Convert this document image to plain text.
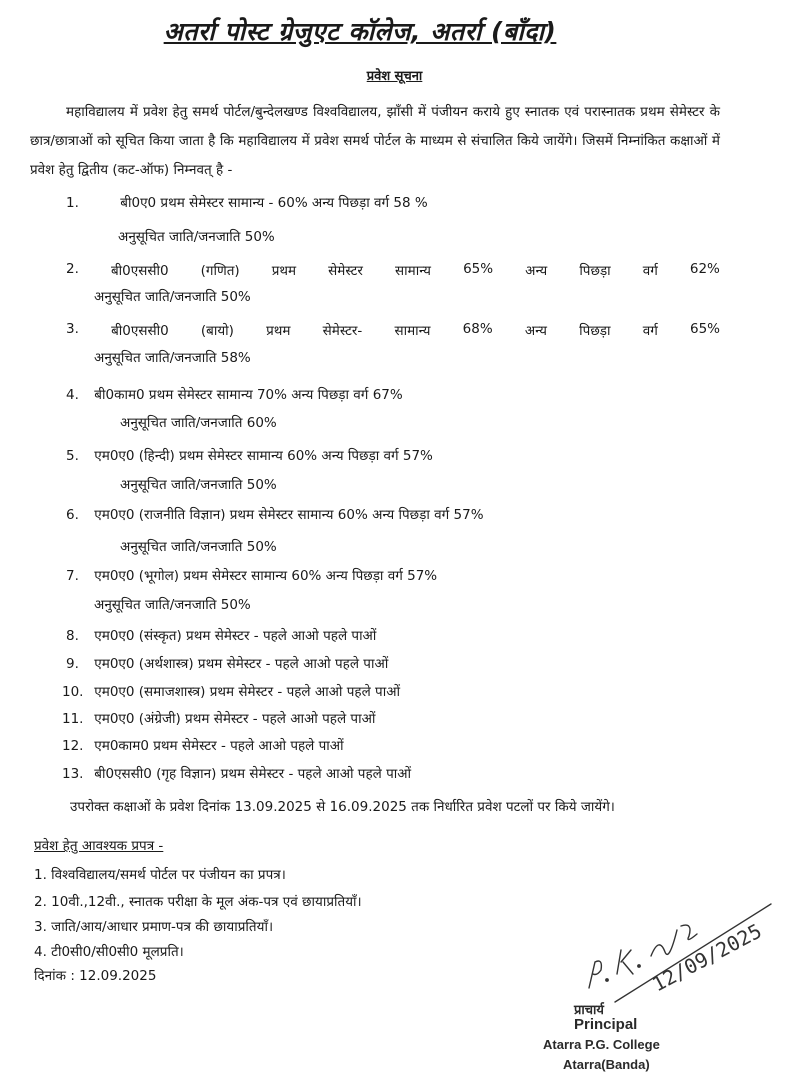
अतर्रा पोस्ट ग्रेजुएट कॉलेज, अतर्रा (बाँदा)
प्रवेश सूचना
महाविद्यालय में प्रवेश हेतु समर्थ पोर्टल/बुन्देलखण्ड विश्वविद्यालय, झाँसी में पंजीयन कराये हुए स्नातक एवं परास्नातक प्रथम सेमेस्टर के छात्र/छात्राओं को सूचित किया जाता है कि महाविद्यालय में प्रवेश समर्थ पोर्टल के माध्यम से संचालित किये जायेंगे। जिसमें निम्नांकित कक्षाओं में प्रवेश हेतु द्वितीय (कट-ऑफ) निम्नवत् है -
1.	बी0ए0 प्रथम सेमेस्टर सामान्य - 60% अन्य पिछड़ा वर्ग 58 %
अनुसूचित जाति/जनजाति 50%
2. बी0एससी0 (गणित) प्रथम सेमेस्टर सामान्य 65% अन्य पिछड़ा वर्ग 62%
अनुसूचित जाति/जनजाति 50%
3. बी0एससी0 (बायो) प्रथम सेमेस्टर- सामान्य 68% अन्य पिछड़ा वर्ग 65%
अनुसूचित जाति/जनजाति 58%
4. बी0काम0 प्रथम सेमेस्टर सामान्य 70% अन्य पिछड़ा वर्ग 67%
अनुसूचित जाति/जनजाति 60%
5. एम0ए0 (हिन्दी) प्रथम सेमेस्टर सामान्य 60% अन्य पिछड़ा वर्ग 57%
अनुसूचित जाति/जनजाति 50%
6. एम0ए0 (राजनीति विज्ञान) प्रथम सेमेस्टर सामान्य 60% अन्य पिछड़ा वर्ग 57%
अनुसूचित जाति/जनजाति 50%
7. एम0ए0 (भूगोल) प्रथम सेमेस्टर सामान्य 60% अन्य पिछड़ा वर्ग 57%
अनुसूचित जाति/जनजाति 50%
8. एम0ए0 (संस्कृत) प्रथम सेमेस्टर - पहले आओ पहले पाओं
9. एम0ए0 (अर्थशास्त्र) प्रथम सेमेस्टर - पहले आओ पहले पाओं
10. एम0ए0 (समाजशास्त्र) प्रथम सेमेस्टर - पहले आओ पहले पाओं
11. एम0ए0 (अंग्रेजी) प्रथम सेमेस्टर - पहले आओ पहले पाओं
12. एम0काम0 प्रथम सेमेस्टर - पहले आओ पहले पाओं
13. बी0एससी0 (गृह विज्ञान) प्रथम सेमेस्टर - पहले आओ पहले पाओं
उपरोक्त कक्षाओं के प्रवेश दिनांक 13.09.2025 से 16.09.2025 तक निर्धारित प्रवेश पटलों पर किये जायेंगे।
प्रवेश हेतु आवश्यक प्रपत्र -
1. विश्वविद्यालय/समर्थ पोर्टल पर पंजीयन का प्रपत्र।
2. 10वी.,12वी., स्नातक परीक्षा के मूल अंक-पत्र एवं छायाप्रतियाँ।
3. जाति/आय/आधार प्रमाण-पत्र की छायाप्रतियाँ।
4. टी0सी0/सी0सी0 मूलप्रति।
दिनांक : 12.09.2025	12/09/2025
प्राचार्य
Principal
Atarra P.G. College
Atarra(Banda)
